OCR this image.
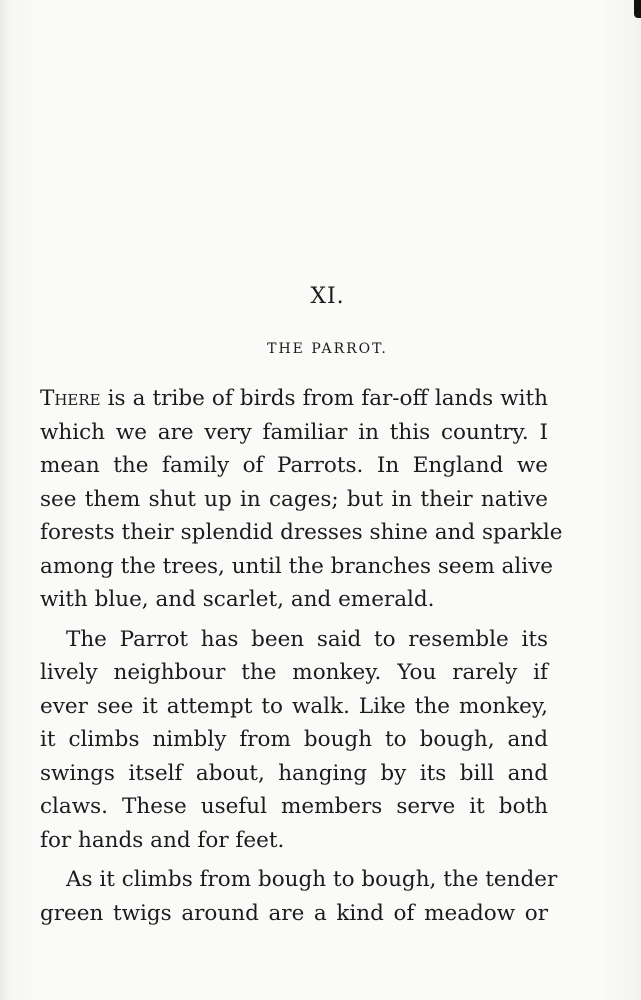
XI.
THE PARROT.
There is a tribe of birds from far-off lands with
which we are very familiar in this country. I
mean the family of Parrots. In England we
see them shut up in cages; but in their native
forests their splendid dresses shine and sparkle
among the trees, until the branches seem alive
with blue, and scarlet, and emerald.
The Parrot has been said to resemble its
lively neighbour the monkey. You rarely if
ever see it attempt to walk. Like the monkey,
it climbs nimbly from bough to bough, and
swings itself about, hanging by its bill and
claws. These useful members serve it both
for hands and for feet.
As it climbs from bough to bough, the tender
green twigs around are a kind of meadow or
